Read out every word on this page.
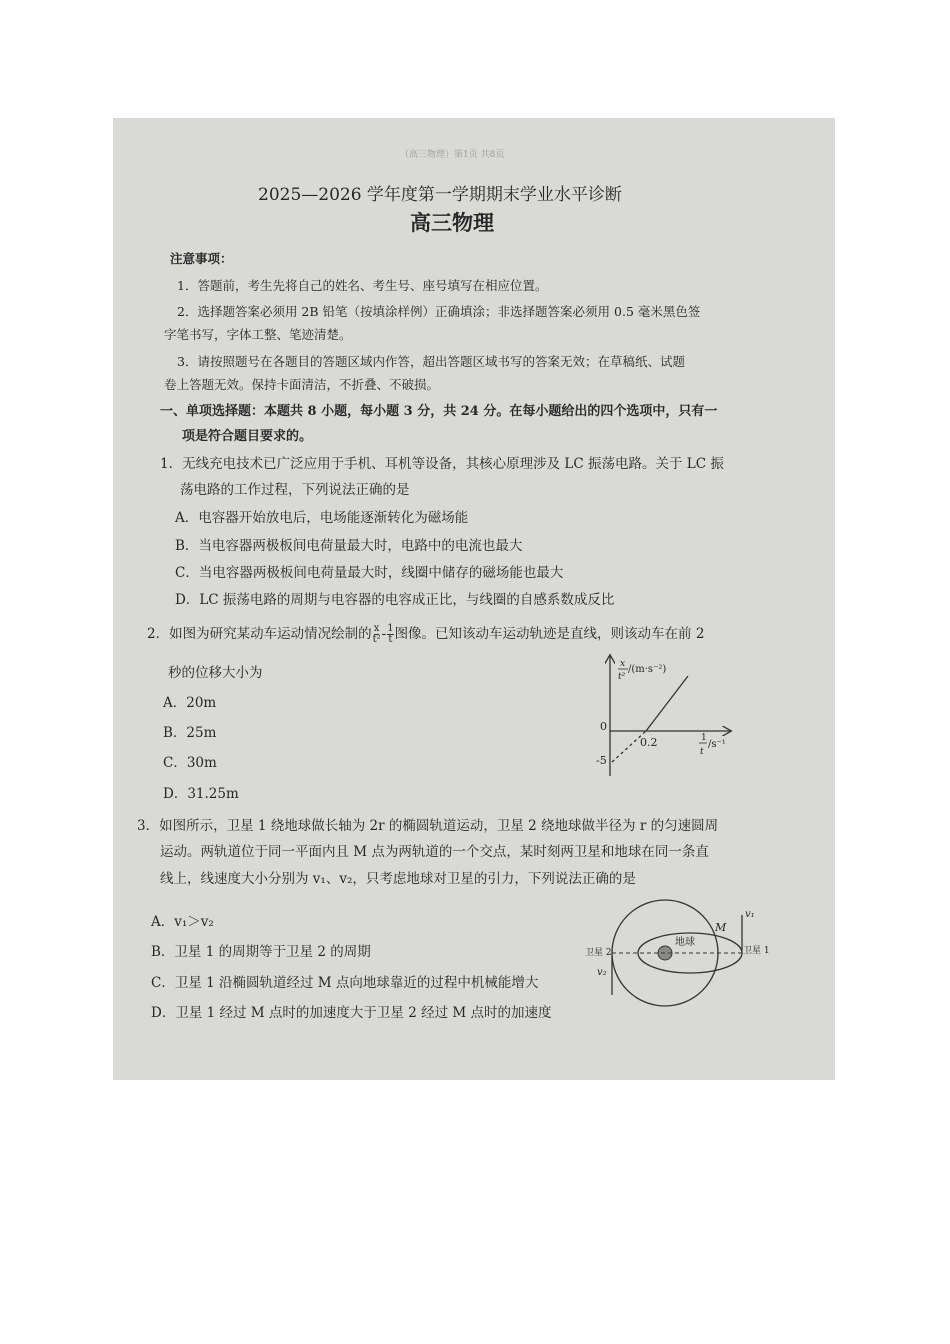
（高三物理）第1页 共8页
2025—2026 学年度第一学期期末学业水平诊断
高三物理
注意事项：
1．答题前，考生先将自己的姓名、考生号、座号填写在相应位置。
2．选择题答案必须用 2B 铅笔（按填涂样例）正确填涂；非选择题答案必须用 0.5 毫米黑色签
字笔书写，字体工整、笔迹清楚。
3．请按照题号在各题目的答题区域内作答，超出答题区域书写的答案无效；在草稿纸、试题
卷上答题无效。保持卡面清洁，不折叠、不破损。
一、单项选择题：本题共 8 小题，每小题 3 分，共 24 分。在每小题给出的四个选项中，只有一
项是符合题目要求的。
1．无线充电技术已广泛应用于手机、耳机等设备，其核心原理涉及 LC 振荡电路。关于 LC 振
荡电路的工作过程，下列说法正确的是
A．电容器开始放电后，电场能逐渐转化为磁场能
B．当电容器两极板间电荷量最大时，电路中的电流也最大
C．当电容器两极板间电荷量最大时，线圈中储存的磁场能也最大
D．LC 振荡电路的周期与电容器的电容成正比，与线圈的自感系数成反比
2．如图为研究某动车运动情况绘制的 $\frac{x}{\text{t²}} - \frac{1}{t}$ 图像。已知该动车运动轨迹是直线，则该动车在前 2
秒的位移大小为
A．20m
B．25m
C．30m
D．31.25m
x
t²
/(m·s⁻²)
0
0.2
-5
1
t
/s⁻¹
3．如图所示，卫星 1 绕地球做长轴为 2r 的椭圆轨道运动，卫星 2 绕地球做半径为 r 的匀速圆周
运动。两轨道位于同一平面内且 M 点为两轨道的一个交点，某时刻两卫星和地球在同一条直
线上，线速度大小分别为 v₁、v₂，只考虑地球对卫星的引力，下列说法正确的是
A．v₁＞v₂
B．卫星 1 的周期等于卫星 2 的周期
C．卫星 1 沿椭圆轨道经过 M 点向地球靠近的过程中机械能增大
D．卫星 1 经过 M 点时的加速度大于卫星 2 经过 M 点时的加速度
地球
M
卫星 1
卫星 2
v₁
v₂
